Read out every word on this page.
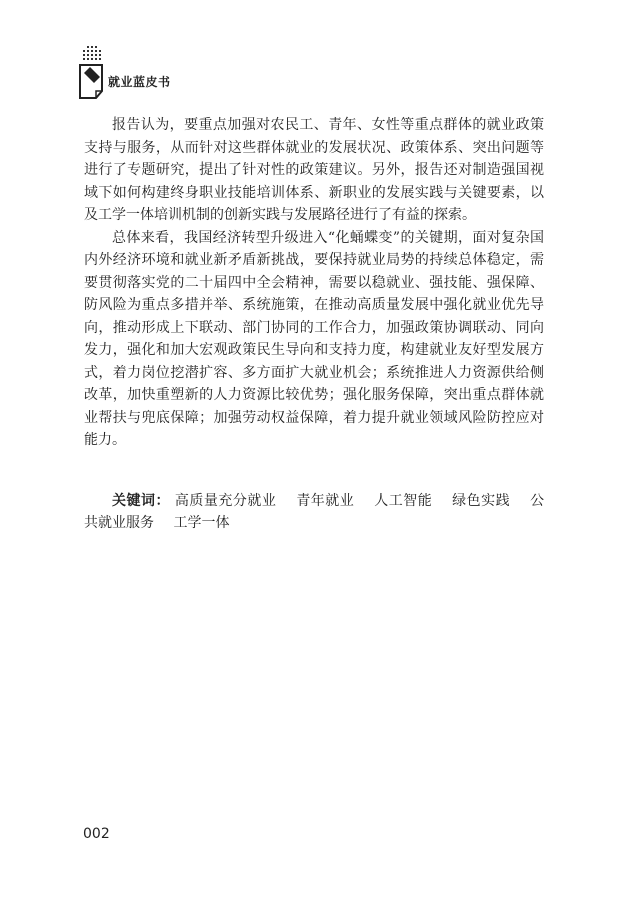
就业蓝皮书

报告认为，要重点加强对农民工、青年、女性等重点群体的就业政策支持与服务，从而针对这些群体就业的发展状况、政策体系、突出问题等进行了专题研究，提出了针对性的政策建议。另外，报告还对制造强国视域下如何构建终身职业技能培训体系、新职业的发展实践与关键要素，以及工学一体培训机制的创新实践与发展路径进行了有益的探索。

总体来看，我国经济转型升级进入“化蛹蝶变”的关键期，面对复杂国内外经济环境和就业新矛盾新挑战，要保持就业局势的持续总体稳定，需要贯彻落实党的二十届四中全会精神，需要以稳就业、强技能、强保障、防风险为重点多措并举、系统施策，在推动高质量发展中强化就业优先导向，推动形成上下联动、部门协同的工作合力，加强政策协调联动、同向发力，强化和加大宏观政策民生导向和支持力度，构建就业友好型发展方式，着力岗位挖潜扩容、多方面扩大就业机会；系统推进人力资源供给侧改革，加快重塑新的人力资源比较优势；强化服务保障，突出重点群体就业帮扶与兜底保障；加强劳动权益保障，着力提升就业领域风险防控应对能力。

关键词： 高质量充分就业 青年就业 人工智能 绿色实践 公共就业服务 工学一体

002
